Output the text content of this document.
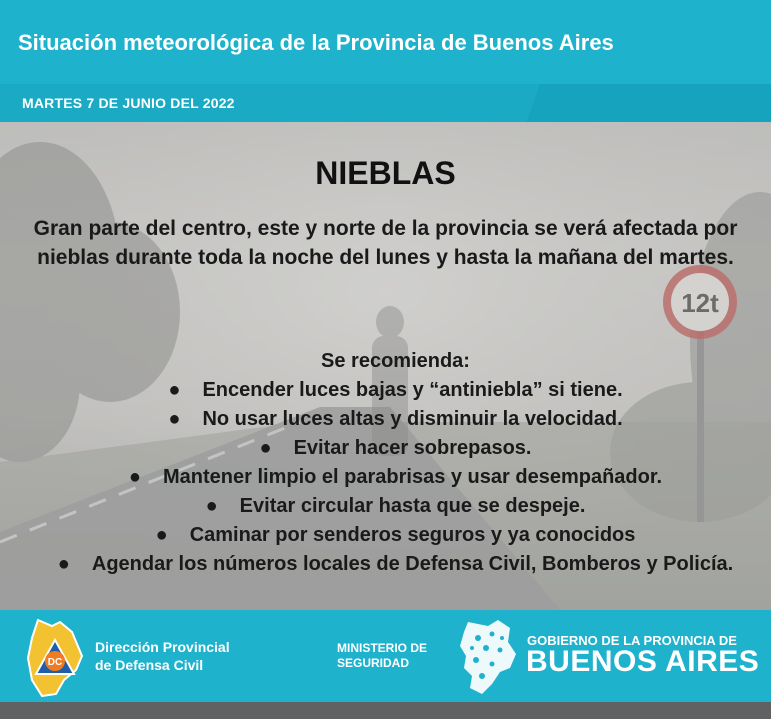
Situación meteorológica de la Provincia de Buenos Aires
MARTES 7 DE JUNIO DEL 2022
12t
NIEBLAS
Gran parte del centro, este y norte de la provincia se verá afectada por nieblas durante toda la noche del lunes y hasta la mañana del martes.
Se recomienda:
● Encender luces bajas y “antiniebla” si tiene.
● No usar luces altas y disminuir la velocidad.
● Evitar hacer sobrepasos.
● Mantener limpio el parabrisas y usar desempañador.
● Evitar circular hasta que se despeje.
● Caminar por senderos seguros y ya conocidos
● Agendar los números locales de Defensa Civil, Bomberos y Policía.
DC
Dirección Provincial
de Defensa Civil
MINISTERIO DE
SEGURIDAD
GOBIERNO DE LA PROVINCIA DE
BUENOS AIRES
